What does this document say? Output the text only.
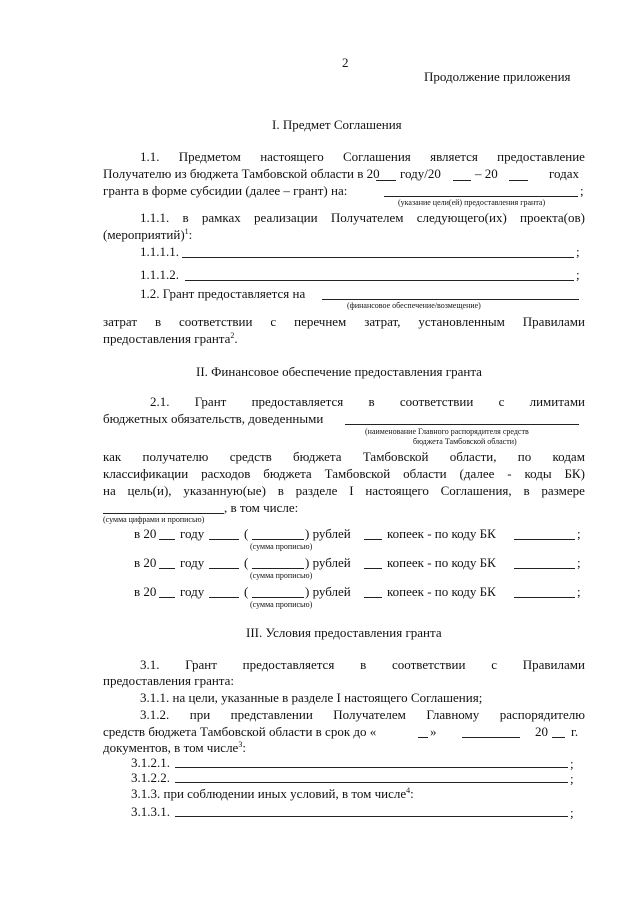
2
Продолжение приложения
I. Предмет Соглашения
1.1. Предметом настоящего Соглашения является предоставление
Получателю из бюджета Тамбовской области в 20 году/20	– 20	годах
гранта в форме субсидии (далее – грант) на:	;
(указание цели(ей) предоставления гранта)
1.1.1. в рамках реализации Получателем следующего(их) проекта(ов)
(мероприятий)$^1$:
1.1.1.1.	;
1.1.1.2.	;
1.2. Грант предоставляется на
(финансовое обеспечение/возмещение)
затрат в соответствии с перечнем затрат, установленным Правилами
предоставления гранта$^2$.
II. Финансовое обеспечение предоставления гранта
2.1. Грант предоставляется в соответствии с лимитами
бюджетных обязательств, доведенными
(наименование Главного распорядителя средств
бюджета Тамбовской области)
как получателю средств бюджета Тамбовской области, по кодам
классификации расходов бюджета Тамбовской области (далее - коды БК)
на цель(и), указанную(ые) в разделе I настоящего Соглашения, в размере
, в том числе:
(сумма цифрами и прописью)
в 20 году	(	) рублей	копеек - по коду БК	;
(сумма прописью)
в 20 году	(	) рублей	копеек - по коду БК	;
(сумма прописью)
в 20 году	(	) рублей	копеек - по коду БК	;
(сумма прописью)
III. Условия предоставления гранта
3.1. Грант предоставляется в соответствии с Правилами
предоставления гранта:
3.1.1. на цели, указанные в разделе I настоящего Соглашения;
3.1.2. при представлении Получателем Главному распорядителю
средств бюджета Тамбовской области в срок до «	»	20 г.
документов, в том числе$^3$:
3.1.2.1.	;
3.1.2.2.	;
3.1.3. при соблюдении иных условий, в том числе$^4$:
3.1.3.1.	;
